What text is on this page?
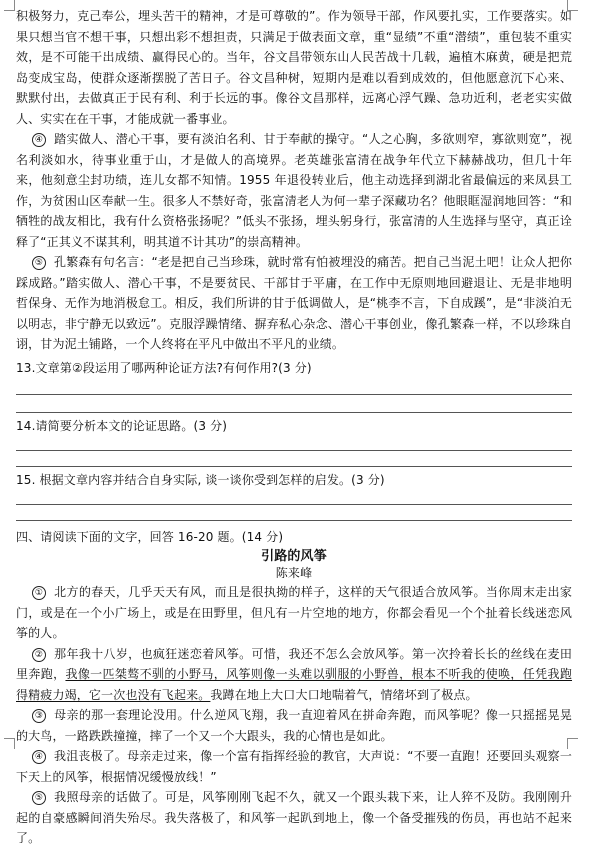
积极努力，克己奉公，埋头苦干的精神，才是可尊敬的”。作为领导干部，作风要扎实，工作要落实。如果只想当官不想干事，只想出彩不想担责，只满足于做表面文章，重“显绩”不重“潜绩”，重包装不重实效，是不可能干出成绩、赢得民心的。当年，谷文昌带领东山人民苦战十几载，遍植木麻黄，硬是把荒岛变成宝岛，使群众逐渐摆脱了苦日子。谷文昌种树，短期内是难以看到成效的，但他愿意沉下心来、默默付出，去做真正于民有利、利于长远的事。像谷文昌那样，远离心浮气躁、急功近利，老老实实做人、实实在在干事，才能成就一番事业。

④ 踏实做人、潜心干事，要有淡泊名利、甘于奉献的操守。“人之心胸，多欲则窄，寡欲则宽”，视名利淡如水，待事业重于山，才是做人的高境界。老英雄张富清在战争年代立下赫赫战功，但几十年来，他刻意尘封功绩，连儿女都不知情。1955 年退役转业后，他主动选择到湖北省最偏远的来凤县工作，为贫困山区奉献一生。很多人不禁好奇，张富清老人为何一辈子深藏功名？他眼眶湿润地回答：“和牺牲的战友相比，我有什么资格张扬呢？”低头不张扬，埋头躬身行，张富清的人生选择与坚守，真正诠释了“正其义不谋其利，明其道不计其功”的崇高精神。

⑤ 孔繁森有句名言：“老是把自己当珍珠，就时常有怕被埋没的痛苦。把自己当泥土吧！让众人把你踩成路。”踏实做人、潜心干事，不是要贫民、干部甘于平庸，在工作中无原则地回避退让、无是非地明哲保身、无作为地消极怠工。相反，我们所讲的甘于低调做人，是“桃李不言，下自成蹊”，是“非淡泊无以明志，非宁静无以致远”。克服浮躁情绪、摒弃私心杂念、潜心干事创业，像孔繁森一样，不以珍珠自诩，甘为泥土铺路，一个人终将在平凡中做出不平凡的业绩。

13.文章第②段运用了哪两种论证方法?有何作用?(3 分)

14.请简要分析本文的论证思路。(3 分)

15. 根据文章内容并结合自身实际, 谈一谈你受到怎样的启发。(3 分)

四、请阅读下面的文字，回答 16-20 题。(14 分)

引路的风筝

陈来峰

① 北方的春天，几乎天天有风，而且是很执拗的样子，这样的天气很适合放风筝。当你周末走出家门，或是在一个小广场上，或是在田野里，但凡有一片空地的地方，你都会看见一个个扯着长线迷恋风筝的人。

② 那年我十八岁，也疯狂迷恋着风筝。可惜，我还不怎么会放风筝。第一次拎着长长的丝线在麦田里奔跑，我像一匹桀骜不驯的小野马，风筝则像一头难以驯服的小野兽，根本不听我的使唤，任凭我跑得精疲力竭，它一次也没有飞起来。我蹲在地上大口大口地喘着气，情绪坏到了极点。

③ 母亲的那一套理论没用。什么逆风飞翔，我一直迎着风在拼命奔跑，而风筝呢？像一只摇摇晃晃的大鸟，一路跌跌撞撞，摔了一个又一个大跟头，我的心情也是如此。

④ 我沮丧极了。母亲走过来，像一个富有指挥经验的教官，大声说：“不要一直跑！还要回头观察一下天上的风筝，根据情况缓慢放线！”

⑤ 我照母亲的话做了。可是，风筝刚刚飞起不久，就又一个跟头栽下来，让人猝不及防。我刚刚升起的自豪感瞬间消失殆尽。我失落极了，和风筝一起趴到地上，像一个备受摧残的伤员，再也站不起来了。
